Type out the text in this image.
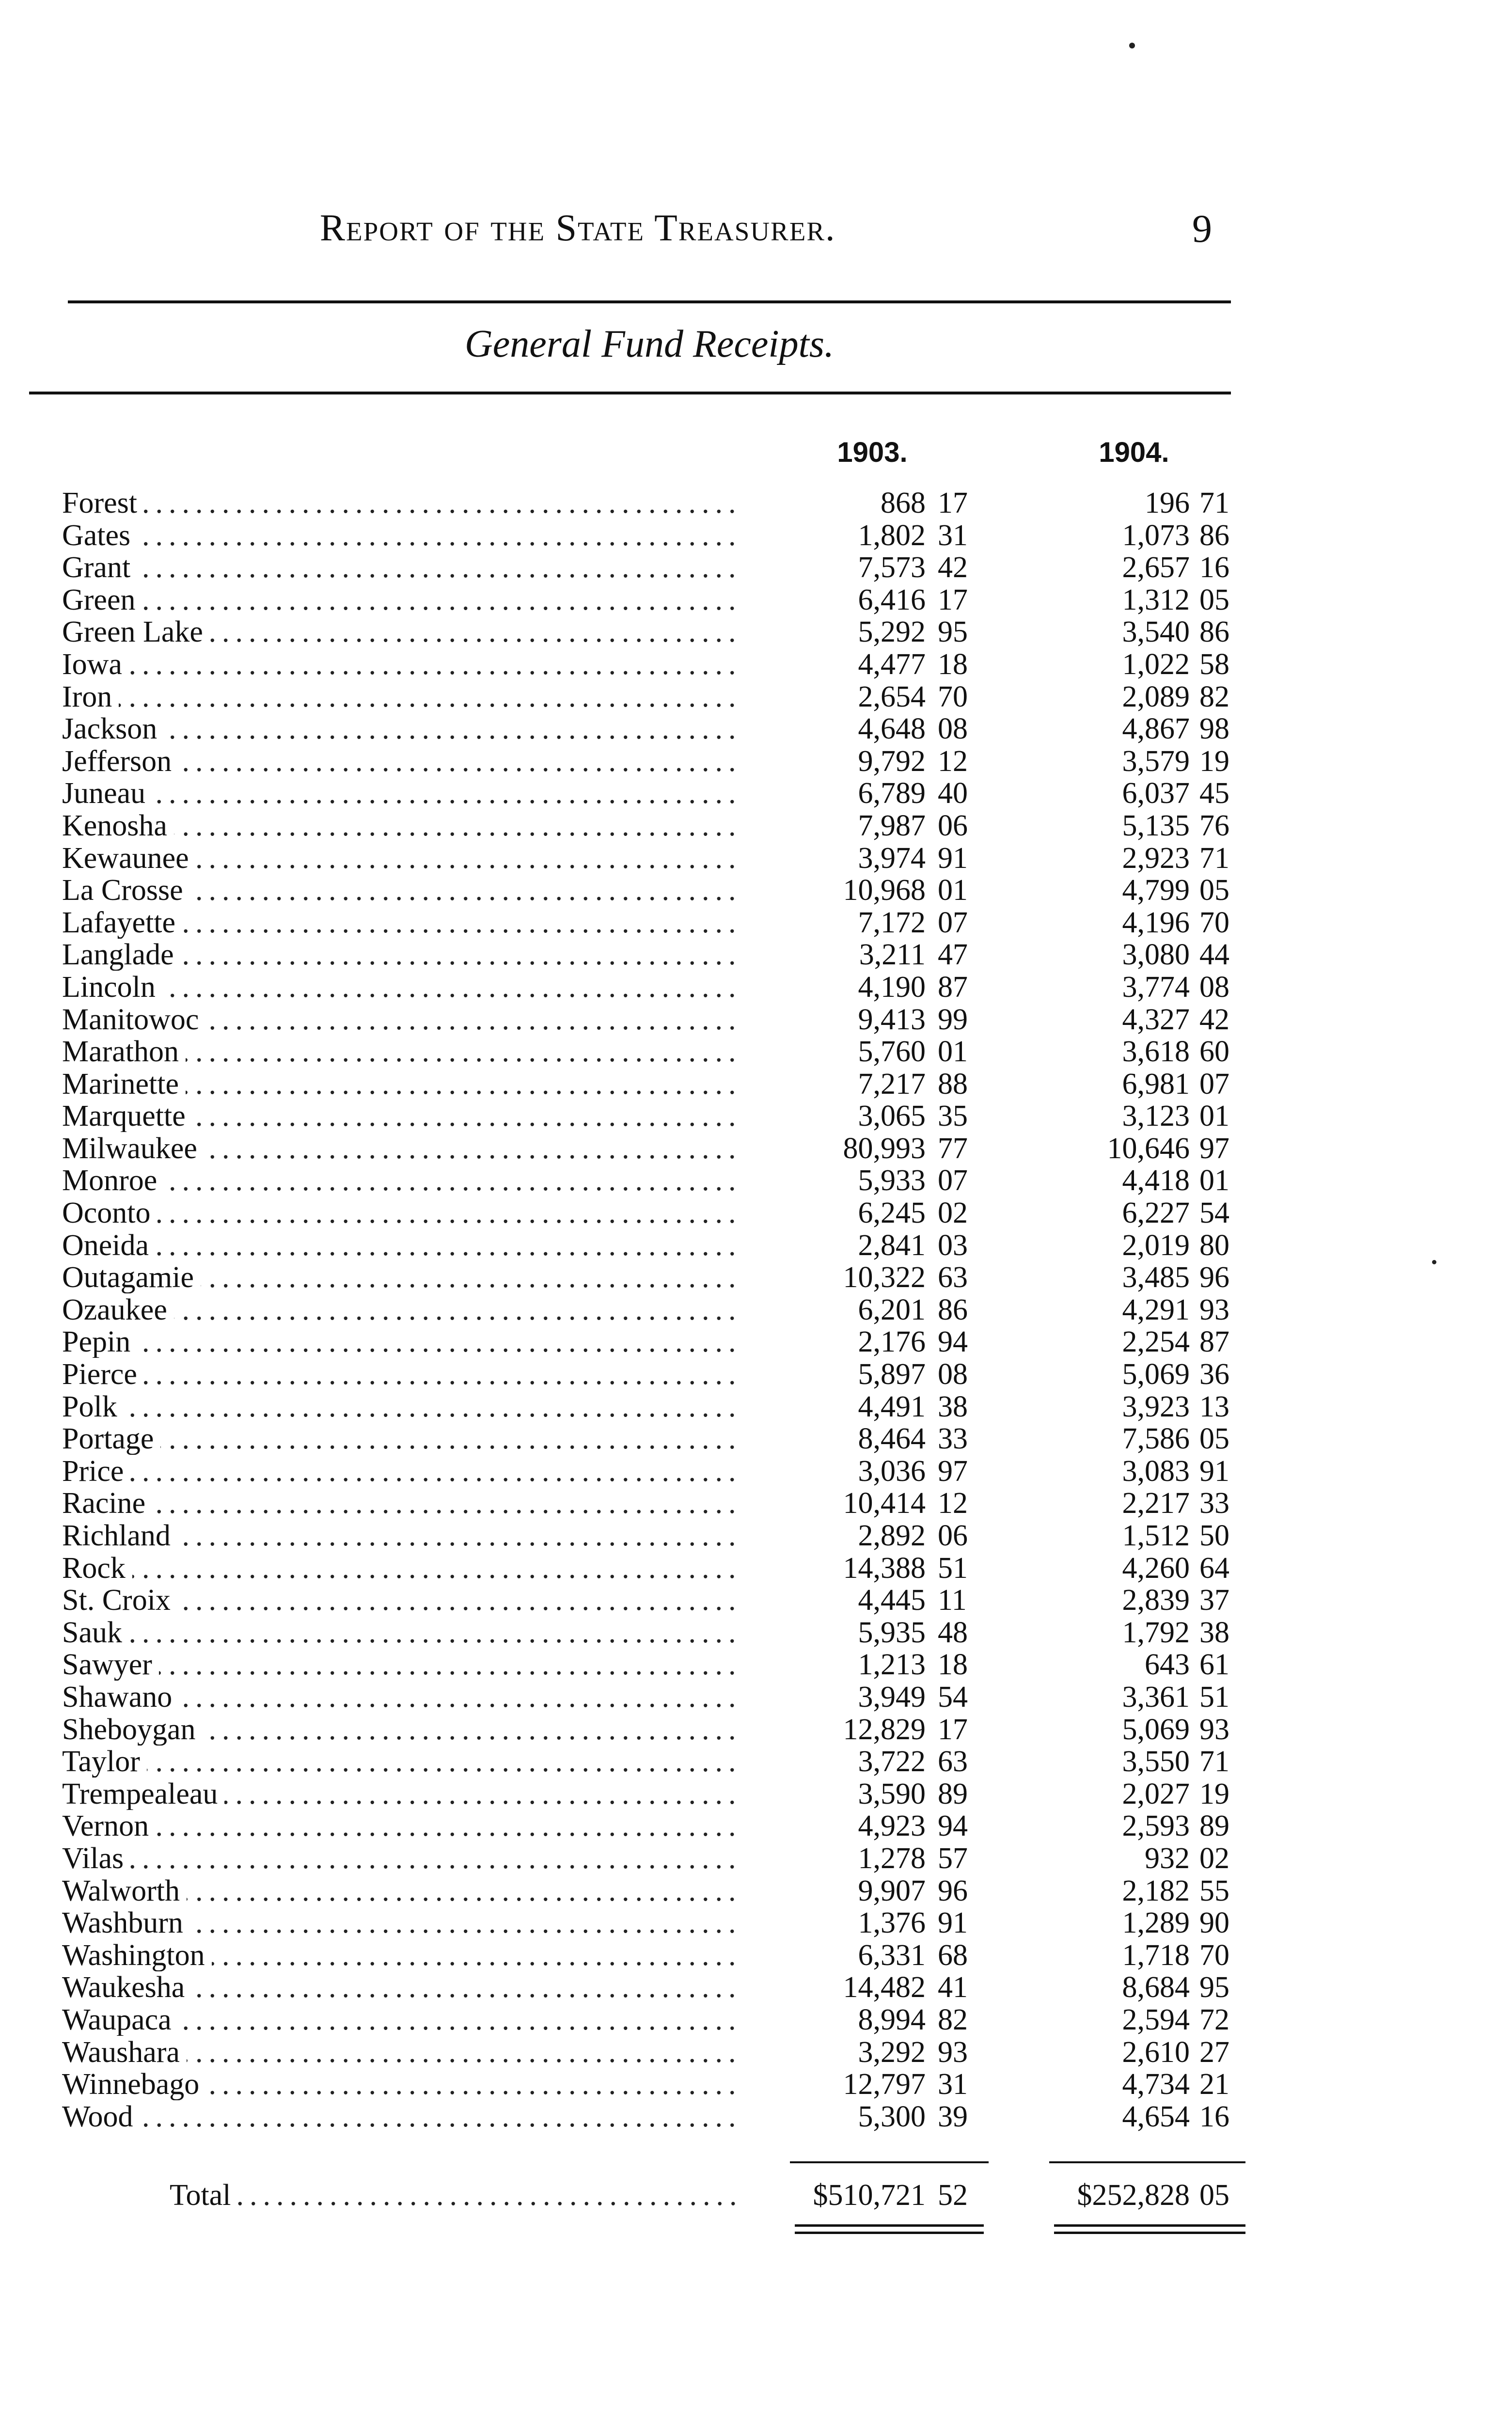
Report of the State Treasurer.	9
General Fund Receipts.
1903.	1904.
.....
Forest	868 17	196 71
.....
Gates	1,802 31	1,073 86
.....
Grant	7,573 42	2,657 16
.....
Green	6,416 17	1,312 05
.....
Green Lake	5,292 95	3,540 86
.....
Iowa	4,477 18	1,022 58
.....
Iron	2,654 70	2,089 82
.....
Jackson	4,648 08	4,867 98
.....
Jefferson	9,792 12	3,579 19
.....
Juneau	6,789 40	6,037 45
.....
Kenosha	7,987 06	5,135 76
.....
Kewaunee	3,974 91	2,923 71
.....
La Crosse	10,968 01	4,799 05
.....
Lafayette	7,172 07	4,196 70
.....
Langlade	3,211 47	3,080 44
.....
Lincoln	4,190 87	3,774 08
.....
Manitowoc	9,413 99	4,327 42
.....
Marathon	5,760 01	3,618 60
.....
Marinette	7,217 88	6,981 07
.....
Marquette	3,065 35	3,123 01
.....
Milwaukee	80,993 77	10,646 97
.....
Monroe	5,933 07	4,418 01
.....
Oconto	6,245 02	6,227 54
.....
Oneida	2,841 03	2,019 80
.....
Outagamie	10,322 63	3,485 96
.....
Ozaukee	6,201 86	4,291 93
.....
Pepin	2,176 94	2,254 87
.....
Pierce	5,897 08	5,069 36
.....
Polk	4,491 38	3,923 13
.....
Portage	8,464 33	7,586 05
.....
Price	3,036 97	3,083 91
.....
Racine	10,414 12	2,217 33
.....
Richland	2,892 06	1,512 50
.....
Rock	14,388 51	4,260 64
.....
St. Croix	4,445 11	2,839 37
.....
Sauk	5,935 48	1,792 38
.....
Sawyer	1,213 18	643 61
.....
Shawano	3,949 54	3,361 51
.....
Sheboygan	12,829 17	5,069 93
.....
Taylor	3,722 63	3,550 71
.....
Trempealeau	3,590 89	2,027 19
.....
Vernon	4,923 94	2,593 89
.....
Vilas	1,278 57	932 02
.....
Walworth	9,907 96	2,182 55
.....
Washburn	1,376 91	1,289 90
.....
Washington	6,331 68	1,718 70
.....
Waukesha	14,482 41	8,684 95
.....
Waupaca	8,994 82	2,594 72
.....
Waushara	3,292 93	2,610 27
.....
Winnebago	12,797 31	4,734 21
.....
Wood	5,300 39	4,654 16
.....
Total	$510,721 52	$252,828 05
